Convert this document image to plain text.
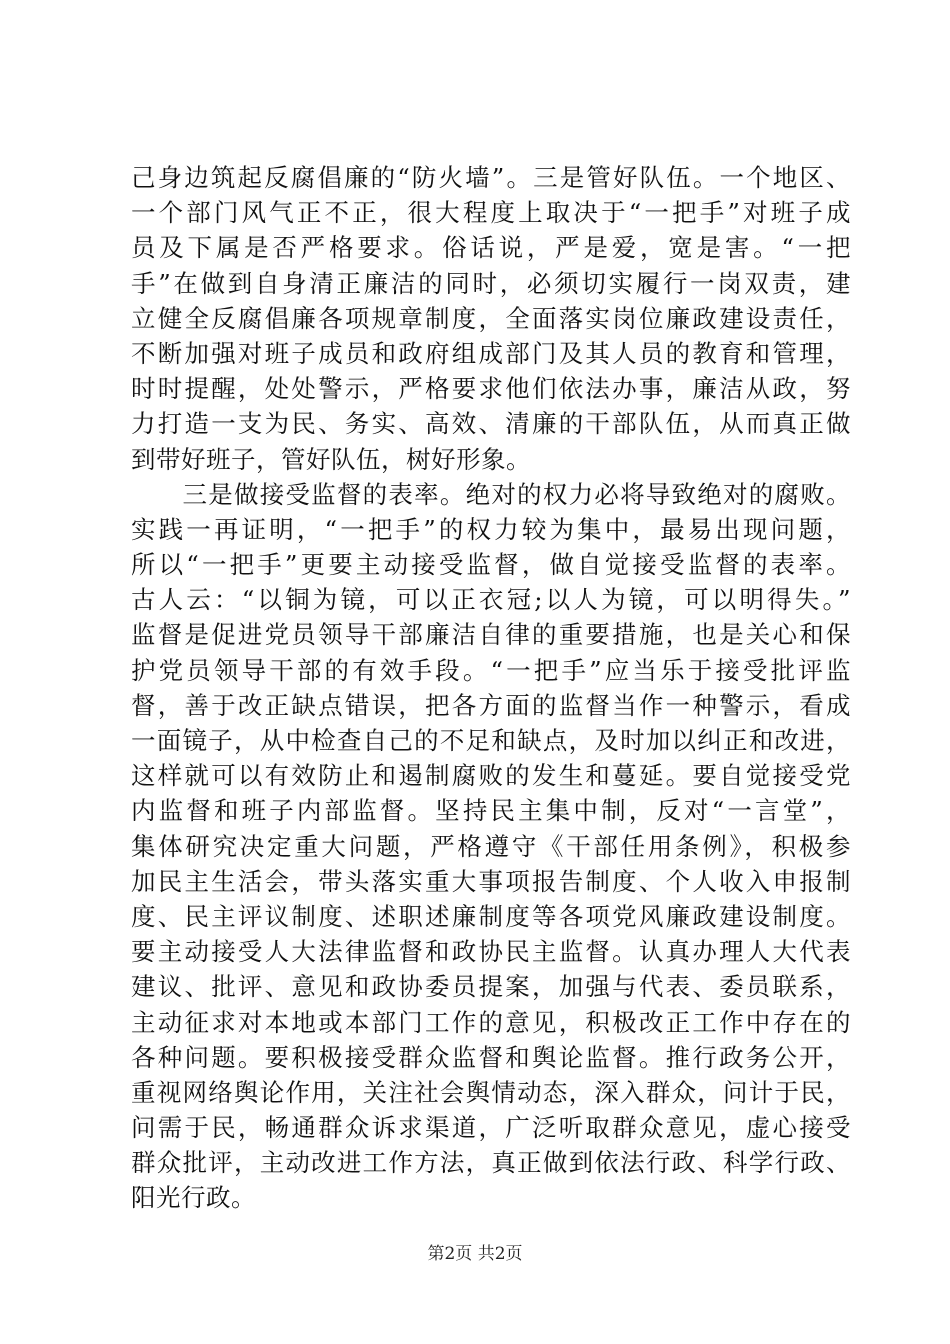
己身边筑起反腐倡廉的“防火墙”。三是管好队伍。一个地区、
一个部门风气正不正，很大程度上取决于“一把手”对班子成
员及下属是否严格要求。俗话说，严是爱，宽是害。“一把
手”在做到自身清正廉洁的同时，必须切实履行一岗双责，建
立健全反腐倡廉各项规章制度，全面落实岗位廉政建设责任，
不断加强对班子成员和政府组成部门及其人员的教育和管理，
时时提醒，处处警示，严格要求他们依法办事，廉洁从政，努
力打造一支为民、务实、高效、清廉的干部队伍，从而真正做
到带好班子，管好队伍，树好形象。
　　三是做接受监督的表率。绝对的权力必将导致绝对的腐败。
实践一再证明，“一把手”的权力较为集中，最易出现问题，
所以“一把手”更要主动接受监督，做自觉接受监督的表率。
古人云：“以铜为镜，可以正衣冠;以人为镜，可以明得失。”
监督是促进党员领导干部廉洁自律的重要措施，也是关心和保
护党员领导干部的有效手段。“一把手”应当乐于接受批评监
督，善于改正缺点错误，把各方面的监督当作一种警示，看成
一面镜子，从中检查自己的不足和缺点，及时加以纠正和改进，
这样就可以有效防止和遏制腐败的发生和蔓延。要自觉接受党
内监督和班子内部监督。坚持民主集中制，反对“一言堂”，
集体研究决定重大问题，严格遵守《干部任用条例》，积极参
加民主生活会，带头落实重大事项报告制度、个人收入申报制
度、民主评议制度、述职述廉制度等各项党风廉政建设制度。
要主动接受人大法律监督和政协民主监督。认真办理人大代表
建议、批评、意见和政协委员提案，加强与代表、委员联系，
主动征求对本地或本部门工作的意见，积极改正工作中存在的
各种问题。要积极接受群众监督和舆论监督。推行政务公开，
重视网络舆论作用，关注社会舆情动态，深入群众，问计于民，
问需于民，畅通群众诉求渠道，广泛听取群众意见，虚心接受
群众批评，主动改进工作方法，真正做到依法行政、科学行政、
阳光行政。
第2页 共2页
